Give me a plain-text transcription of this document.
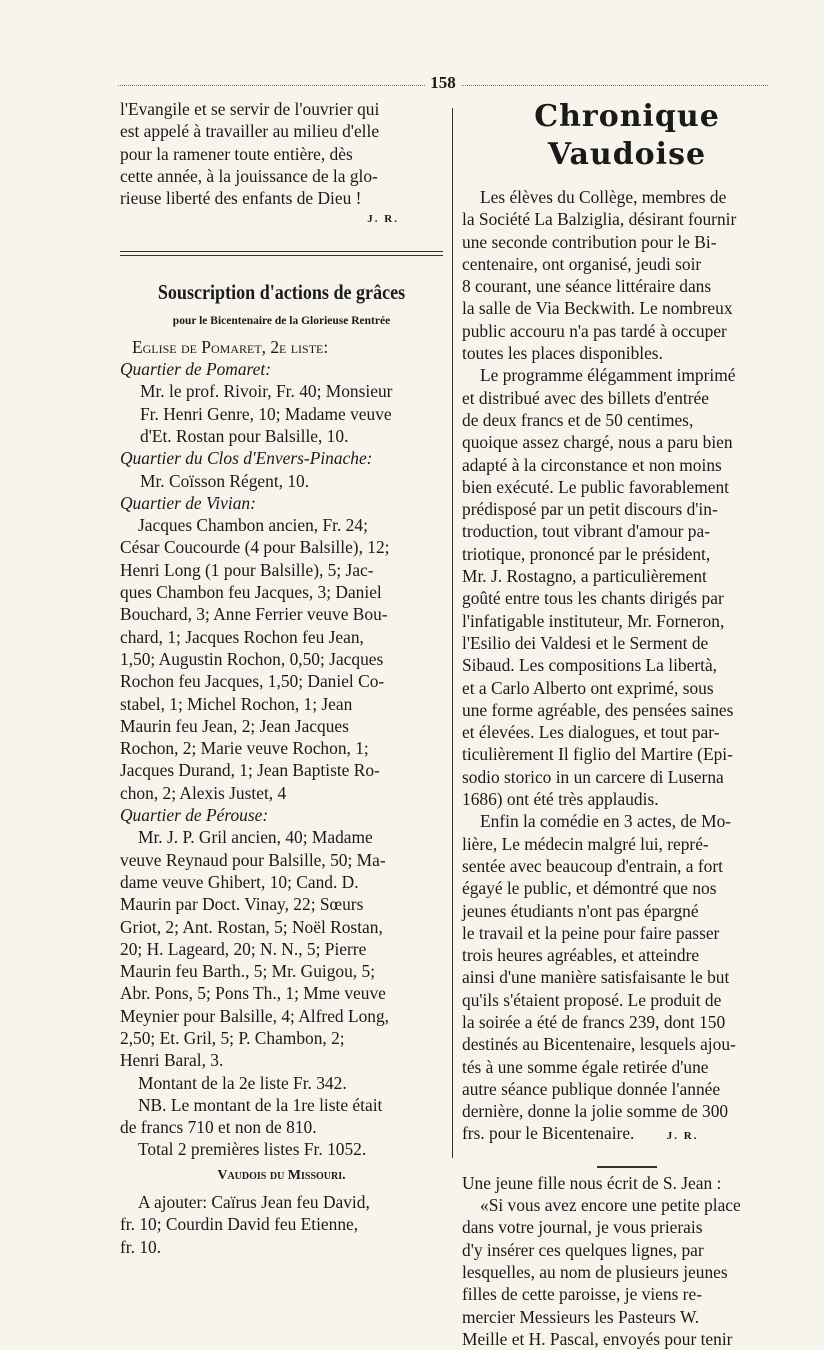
158

l'Evangile et se servir de l'ouvrier qui

est appelé à travailler au milieu d'elle

pour la ramener toute entière, dès

cette année, à la jouissance de la glo-

rieuse liberté des enfants de Dieu !

J. R.
Souscription d'actions de grâces
pour le Bicentenaire de la Glorieuse Rentrée

Eglise de Pomaret, 2e liste:

Quartier de Pomaret:

Mr. le prof. Rivoir, Fr. 40; Monsieur

Fr. Henri Genre, 10; Madame veuve

d'Et. Rostan pour Balsille, 10.

Quartier du Clos d'Envers-Pinache:

Mr. Coïsson Régent, 10.

Quartier de Vivian:

Jacques Chambon ancien, Fr. 24;

César Coucourde (4 pour Balsille), 12;

Henri Long (1 pour Balsille), 5; Jac-

ques Chambon feu Jacques, 3; Daniel

Bouchard, 3; Anne Ferrier veuve Bou-

chard, 1; Jacques Rochon feu Jean,

1,50; Augustin Rochon, 0,50; Jacques

Rochon feu Jacques, 1,50; Daniel Co-

stabel, 1; Michel Rochon, 1; Jean

Maurin feu Jean, 2; Jean Jacques

Rochon, 2; Marie veuve Rochon, 1;

Jacques Durand, 1; Jean Baptiste Ro-

chon, 2; Alexis Justet, 4

Quartier de Pérouse:

Mr. J. P. Gril ancien, 40; Madame

veuve Reynaud pour Balsille, 50; Ma-

dame veuve Ghibert, 10; Cand. D.

Maurin par Doct. Vinay, 22; Sœurs

Griot, 2; Ant. Rostan, 5; Noël Rostan,

20; H. Lageard, 20; N. N., 5; Pierre

Maurin feu Barth., 5; Mr. Guigou, 5;

Abr. Pons, 5; Pons Th., 1; Mme veuve

Meynier pour Balsille, 4; Alfred Long,

2,50; Et. Gril, 5; P. Chambon, 2;

Henri Baral, 3.

Montant de la 2e liste Fr. 342.

NB. Le montant de la 1re liste était

de francs 710 et non de 810.

Total 2 premières listes Fr. 1052.

Vaudois du Missouri.

A ajouter: Caïrus Jean feu David,

fr. 10; Courdin David feu Etienne,

fr. 10.

Chronique Vaudoise

Les élèves du Collège, membres de

la Société La Balziglia, désirant fournir

une seconde contribution pour le Bi-

centenaire, ont organisé, jeudi soir

8 courant, une séance littéraire dans

la salle de Via Beckwith. Le nombreux

public accouru n'a pas tardé à occuper

toutes les places disponibles.

Le programme élégamment imprimé

et distribué avec des billets d'entrée

de deux francs et de 50 centimes,

quoique assez chargé, nous a paru bien

adapté à la circonstance et non moins

bien exécuté. Le public favorablement

prédisposé par un petit discours d'in-

troduction, tout vibrant d'amour pa-

triotique, prononcé par le président,

Mr. J. Rostagno, a particulièrement

goûté entre tous les chants dirigés par

l'infatigable instituteur, Mr. Forneron,

l'Esilio dei Valdesi et le Serment de

Sibaud. Les compositions La libertà,

et a Carlo Alberto ont exprimé, sous

une forme agréable, des pensées saines

et élevées. Les dialogues, et tout par-

ticulièrement Il figlio del Martire (Epi-

sodio storico in un carcere di Luserna

1686) ont été très applaudis.

Enfin la comédie en 3 actes, de Mo-

lière, Le médecin malgré lui, repré-

sentée avec beaucoup d'entrain, a fort

égayé le public, et démontré que nos

jeunes étudiants n'ont pas épargné

le travail et la peine pour faire passer

trois heures agréables, et atteindre

ainsi d'une manière satisfaisante le but

qu'ils s'étaient proposé. Le produit de

la soirée a été de francs 239, dont 150

destinés au Bicentenaire, lesquels ajou-

tés à une somme égale retirée d'une

autre séance publique donnée l'année

dernière, donne la jolie somme de 300

frs. pour le Bicentenaire.	J. R.

Une jeune fille nous écrit de S. Jean :

«Si vous avez encore une petite place

dans votre journal, je vous prierais

d'y insérer ces quelques lignes, par

lesquelles, au nom de plusieurs jeunes

filles de cette paroisse, je viens re-

mercier Messieurs les Pasteurs W.

Meille et H. Pascal, envoyés pour tenir
